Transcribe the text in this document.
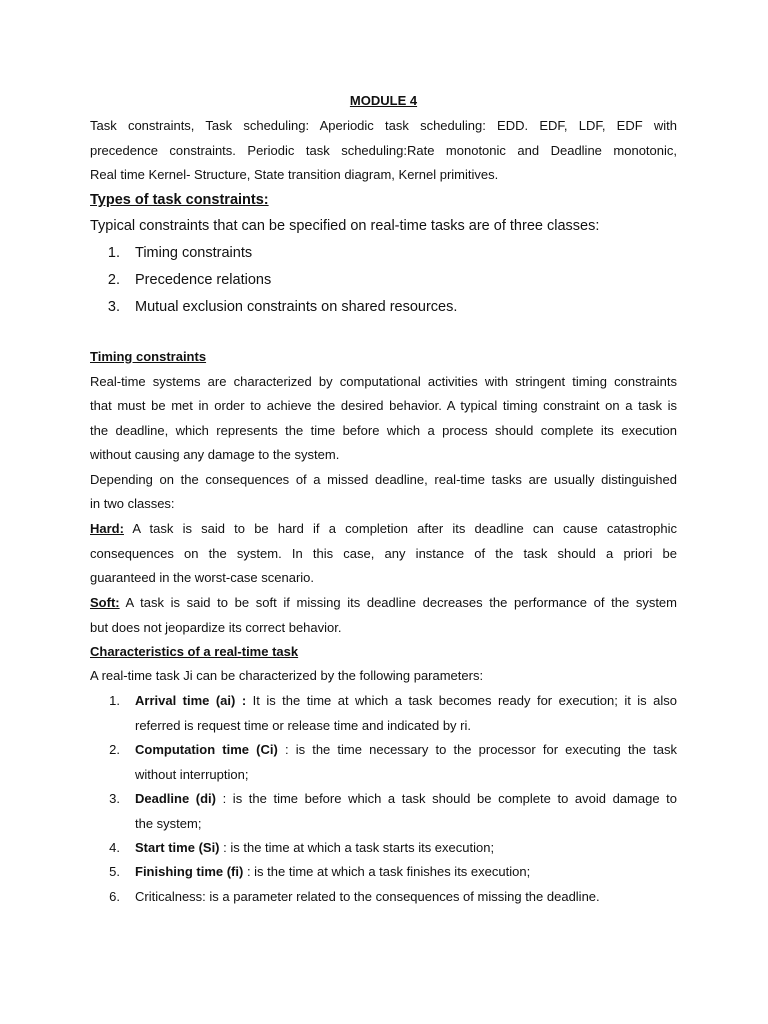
MODULE 4
Task constraints, Task scheduling: Aperiodic task scheduling: EDD. EDF, LDF, EDF with
precedence constraints. Periodic task scheduling:Rate monotonic and Deadline monotonic,
Real time Kernel- Structure, State transition diagram, Kernel primitives.
Types of task constraints:
Typical constraints that can be specified on real-time tasks are of three classes:
1. Timing constraints
2. Precedence relations
3. Mutual exclusion constraints on shared resources.
Timing constraints
Real-time systems are characterized by computational activities with stringent timing constraints
that must be met in order to achieve the desired behavior. A typical timing constraint on a task is
the deadline, which represents the time before which a process should complete its execution
without causing any damage to the system.
Depending on the consequences of a missed deadline, real-time tasks are usually distinguished
in two classes:
Hard: A task is said to be hard if a completion after its deadline can cause catastrophic
consequences on the system. In this case, any instance of the task should a priori be
guaranteed in the worst-case scenario.
Soft: A task is said to be soft if missing its deadline decreases the performance of the system
but does not jeopardize its correct behavior.
Characteristics of a real-time task
A real-time task Ji can be characterized by the following parameters:
1. Arrival time (ai) : It is the time at which a task becomes ready for execution; it is also
referred is request time or release time and indicated by ri.
2. Computation time (Ci) : is the time necessary to the processor for executing the task
without interruption;
3. Deadline (di) : is the time before which a task should be complete to avoid damage to
the system;
4. Start time (Si) : is the time at which a task starts its execution;
5. Finishing time (fi) : is the time at which a task finishes its execution;
6. Criticalness: is a parameter related to the consequences of missing the deadline.
